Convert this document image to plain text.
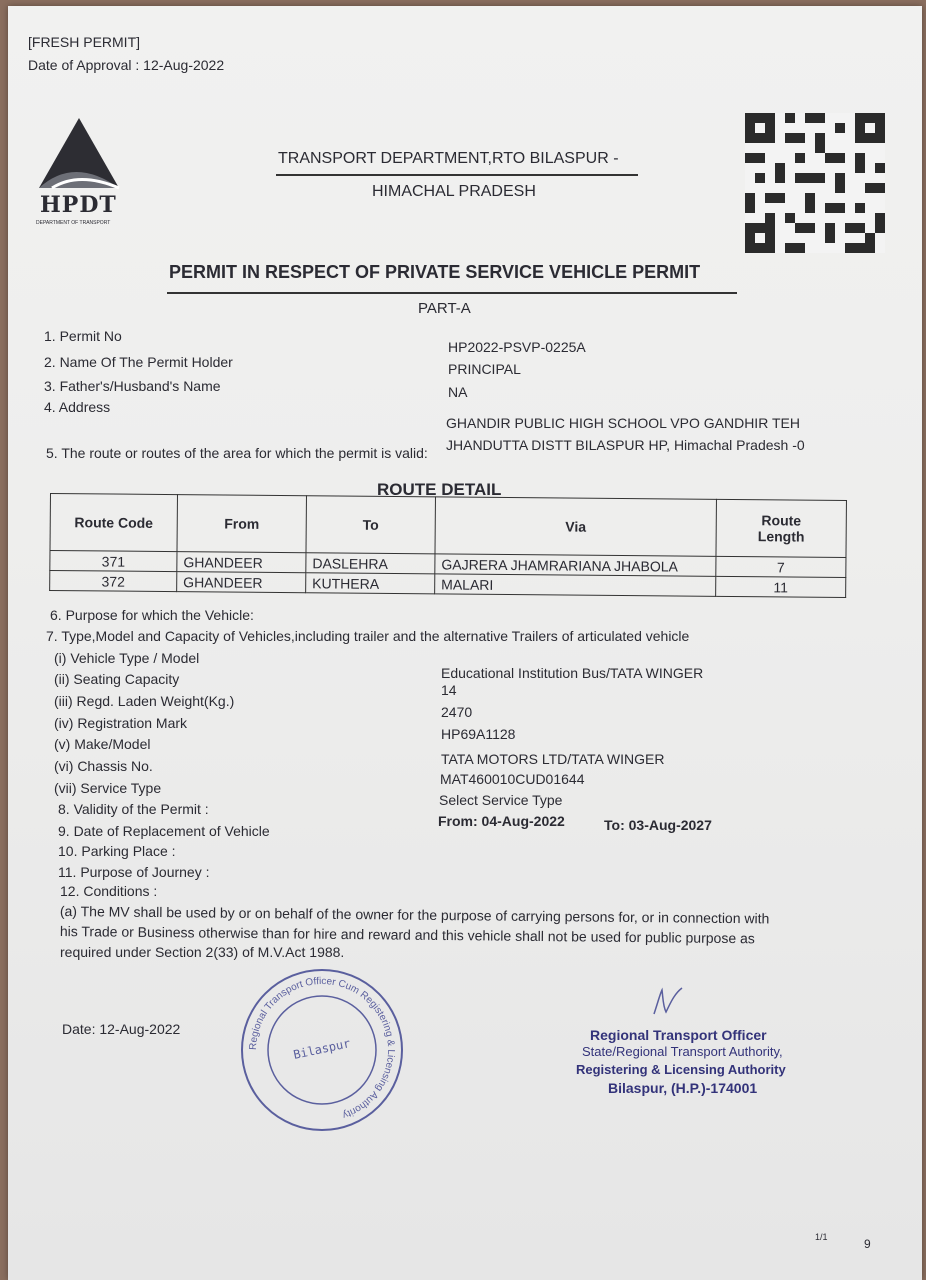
[FRESH PERMIT]
Date of Approval : 12-Aug-2022
HPDT
DEPARTMENT OF TRANSPORT
TRANSPORT DEPARTMENT,RTO BILASPUR -
HIMACHAL PRADESH
PERMIT IN RESPECT OF PRIVATE SERVICE VEHICLE PERMIT
PART-A
1. Permit No
HP2022-PSVP-0225A
2. Name Of The Permit Holder	PRINCIPAL
3. Father's/Husband's Name	NA
4. Address
GHANDIR PUBLIC HIGH SCHOOL VPO GANDHIR TEH
JHANDUTTA DISTT BILASPUR HP, Himachal Pradesh -0
5. The route or routes of the area for which the permit is valid:
ROUTE DETAIL
Route Code	From	To	Via	Route
Length
371	GHANDEER	DASLEHRA	GAJRERA JHAMRARIANA JHABOLA	7
372	GHANDEER	KUTHERA	MALARI	11
6. Purpose for which the Vehicle:
7. Type,Model and Capacity of Vehicles,including trailer and the alternative Trailers of articulated vehicle
(i) Vehicle Type / Model
Educational Institution Bus/TATA WINGER
(ii) Seating Capacity
14
(iii) Regd. Laden Weight(Kg.)
2470
(iv) Registration Mark
HP69A1128
(v) Make/Model
TATA MOTORS LTD/TATA WINGER
(vi) Chassis No.
MAT460010CUD01644
(vii) Service Type
Select Service Type
8. Validity of the Permit :
From: 04-Aug-2022	To: 03-Aug-2027
9. Date of Replacement of Vehicle
10. Parking Place :
11. Purpose of Journey :
12. Conditions :
(a) The MV shall be used by or on behalf of the owner for the purpose of carrying persons for, or in connection with
his Trade or Business otherwise than for hire and reward and this vehicle shall not be used for public purpose as
required under Section 2(33) of M.V.Act 1988.
Date: 12-Aug-2022
Regional Transport Officer Cum Registering & Licensing Authority
Bilaspur
Regional Transport Officer
State/Regional Transport Authority,
Registering & Licensing Authority
Bilaspur, (H.P.)-174001
1/1	9
